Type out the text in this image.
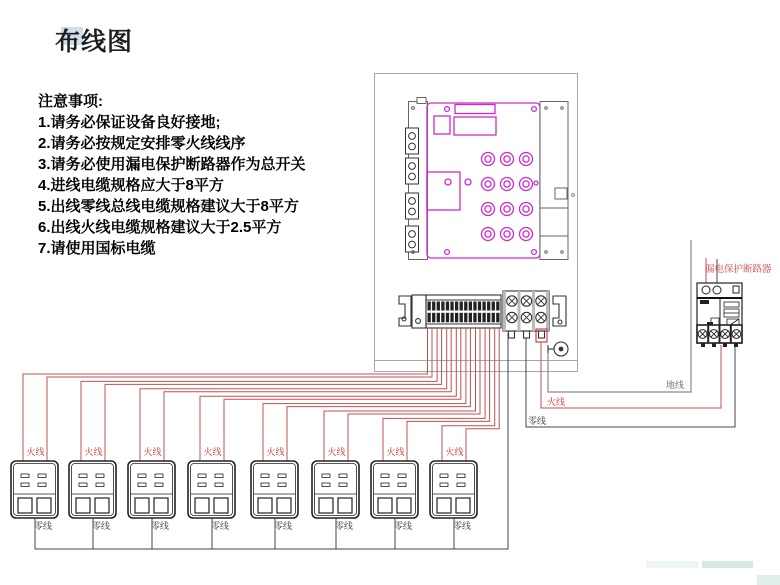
布线图
注意事项:
1.请务必保证设备良好接地;
2.请务必按规定安排零火线线序
3.请务必使用漏电保护断路器作为总开关
4.进线电缆规格应大于8平方
5.出线零线总线电缆规格建议大于8平方
6.出线火线电缆规格建议大于2.5平方
7.请使用国标电缆
地线
火线
零线
漏电保护断路器
火线
零线
火线
零线
火线
零线
火线
零线
火线
零线
火线
零线
火线
零线
火线
零线
